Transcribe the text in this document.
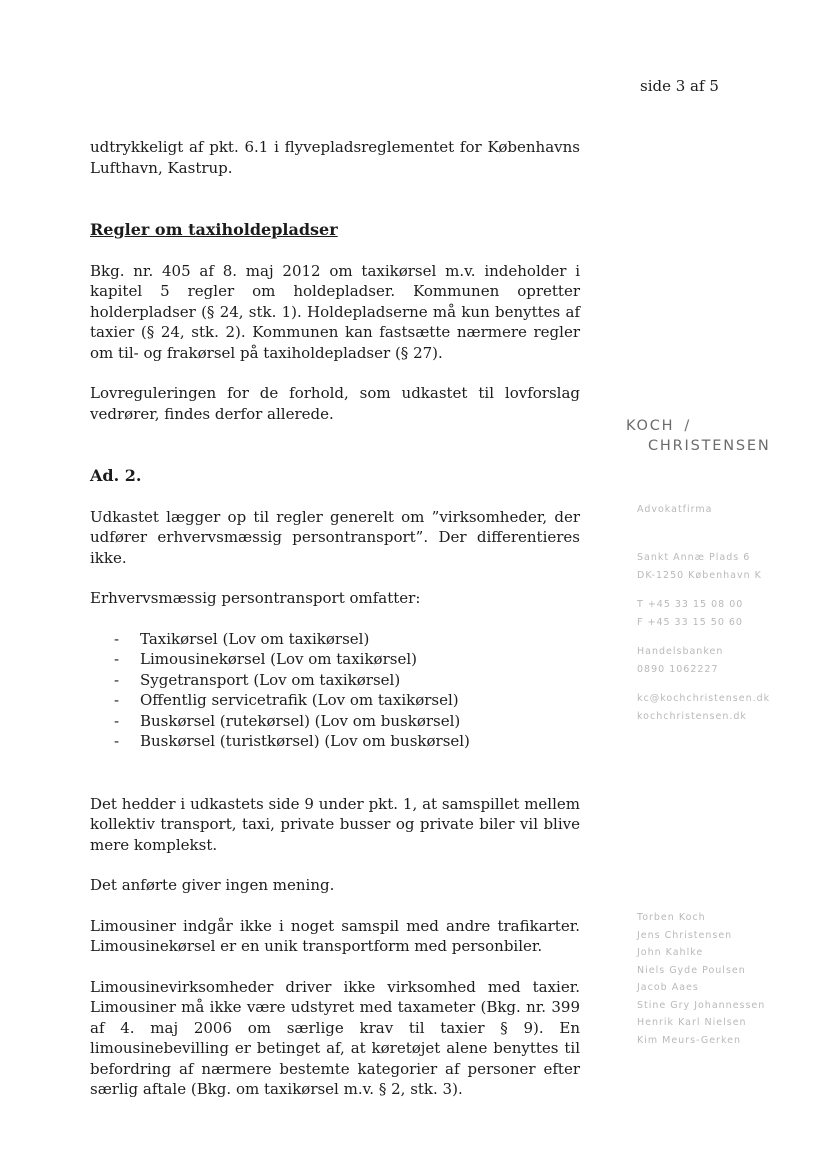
side 3 af 5

udtrykkeligt af pkt. 6.1 i flyvepladsreglementet for Københavns Lufthavn, Kastrup.

Regler om taxiholdepladser

Bkg. nr. 405 af 8. maj 2012 om taxikørsel m.v. indeholder i kapitel 5 regler om holdepladser. Kommunen opretter holderpladser (§ 24, stk. 1). Holdepladserne må kun benyttes af taxier (§ 24, stk. 2). Kommunen kan fastsætte nærmere regler om til- og frakørsel på taxiholdepladser (§ 27).

Lovreguleringen for de forhold, som udkastet til lovforslag vedrører, findes derfor allerede.

Ad. 2.

Udkastet lægger op til regler generelt om ”virksomheder, der udfører erhvervsmæssig persontransport”. Der differentieres ikke.

Erhvervsmæssig persontransport omfatter:

- Taxikørsel (Lov om taxikørsel)
- Limousinekørsel (Lov om taxikørsel)
- Sygetransport (Lov om taxikørsel)
- Offentlig servicetrafik (Lov om taxikørsel)
- Buskørsel (rutekørsel) (Lov om buskørsel)
- Buskørsel (turistkørsel) (Lov om buskørsel)

Det hedder i udkastets side 9 under pkt. 1, at samspillet mellem kollektiv transport, taxi, private busser og private biler vil blive mere komplekst.

Det anførte giver ingen mening.

Limousiner indgår ikke i noget samspil med andre trafikarter. Limousinekørsel er en unik transportform med personbiler.

Limousinevirksomheder driver ikke virksomhed med taxier. Limousiner må ikke være udstyret med taxameter (Bkg. nr. 399 af 4. maj 2006 om særlige krav til taxier § 9). En limousinebevilling er betinget af, at køretøjet alene benyttes til befordring af nærmere bestemte kategorier af personer efter særlig aftale (Bkg. om taxikørsel m.v. § 2, stk. 3).

KOCH /
CHRISTENSEN
Advokatfirma
Sankt Annæ Plads 6
DK-1250 København K
T +45 33 15 08 00
F +45 33 15 50 60
Handelsbanken
0890 1062227
kc@kochchristensen.dk
kochchristensen.dk
Torben Koch
Jens Christensen
John Kahlke
Niels Gyde Poulsen
Jacob Aaes
Stine Gry Johannessen
Henrik Karl Nielsen
Kim Meurs-Gerken
